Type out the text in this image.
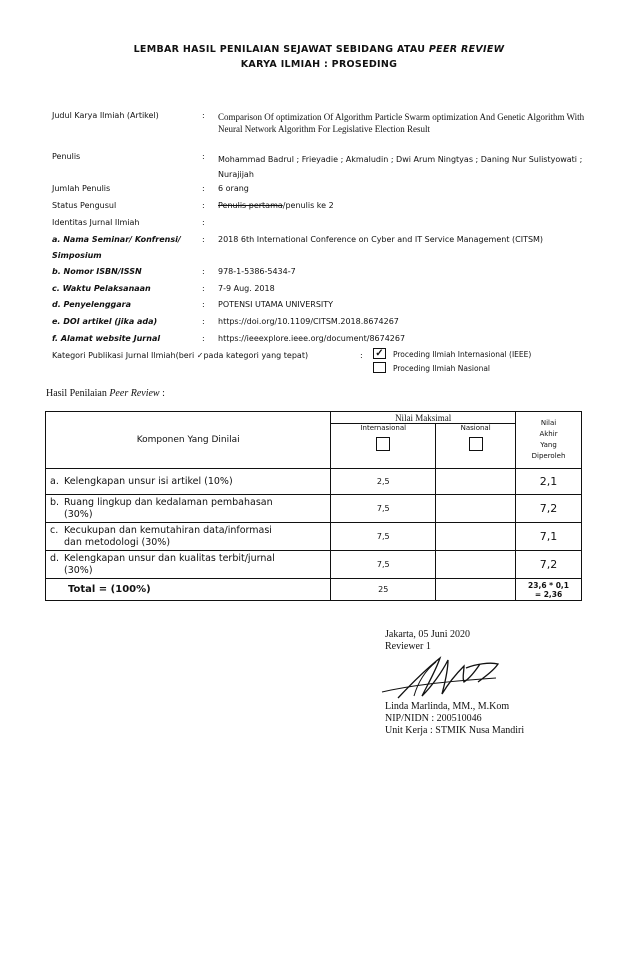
LEMBAR HASIL PENILAIAN SEJAWAT SEBIDANG ATAU PEER REVIEW
KARYA ILMIAH : PROSEDING
Judul Karya Ilmiah (Artikel)	: Comparison Of optimization Of Algorithm Particle Swarm optimization And Genetic Algorithm With Neural Network Algorithm For Legislative Election Result
Penulis	: Mohammad Badrul ; Frieyadie ; Akmaludin ; Dwi Arum Ningtyas ; Daning Nur Sulistyowati ; Nurajijah
Jumlah Penulis	: 6 orang
Status Pengusul	: Penulis pertama/penulis ke 2
Identitas Jurnal Ilmiah	:
a. Nama Seminar/ Konfrensi/	: 2018 6th International Conference on Cyber and IT Service Management (CITSM)
Simposium
b. Nomor ISBN/ISSN	: 978-1-5386-5434-7
c. Waktu Pelaksanaan	: 7-9 Aug. 2018
d. Penyelenggara	: POTENSI UTAMA UNIVERSITY
e. DOI artikel (jika ada)	: https://doi.org/10.1109/CITSM.2018.8674267
f. Alamat website Jurnal	: https://ieeexplore.ieee.org/document/8674267
Kategori Publikasi Jurnal Ilmiah(beri ✓pada kategori yang tepat)	: ✓	Proceding Ilmiah Internasional (IEEE)
Proceding Ilmiah Nasional
Hasil Penilaian Peer Review :
Komponen Yang Dinilai	Nilai Maksimal		Nilai
Akhir
Yang
Diperoleh
	Internasional	Nasional	

a. Kelengkapan unsur isi artikel (10%)	2,5		2,1
b. Ruang lingkup dan kedalaman pembahasan
(30%)	7,5		7,2
c. Kecukupan dan kemutahiran data/informasi
dan metodologi (30%)	7,5		7,1
d. Kelengkapan unsur dan kualitas terbit/jurnal
(30%)	7,5		7,2
Total = (100%)	25		23,6 * 0,1
= 2,36
Jakarta, 05 Juni 2020
Reviewer 1
Linda Marlinda, MM., M.Kom
NIP/NIDN : 200510046
Unit Kerja : STMIK Nusa Mandiri
